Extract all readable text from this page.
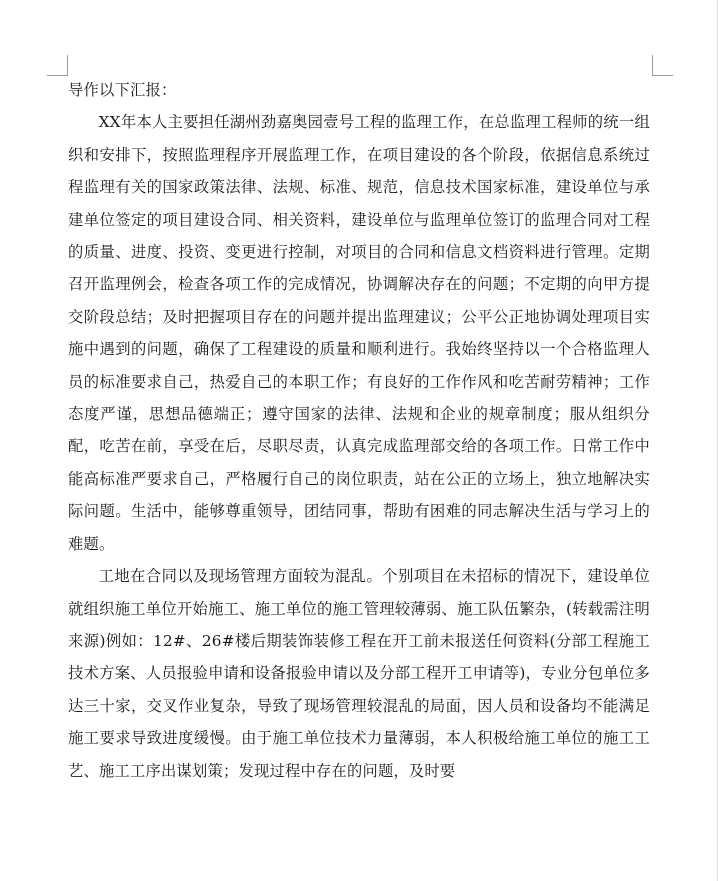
导作以下汇报：

XX年本人主要担任湖州劲嘉奥园壹号工程的监理工作，在总监理工程师的统一组织和安排下，按照监理程序开展监理工作，在项目建设的各个阶段，依据信息系统过程监理有关的国家政策法律、法规、标准、规范，信息技术国家标准，建设单位与承建单位签定的项目建设合同、相关资料，建设单位与监理单位签订的监理合同对工程的质量、进度、投资、变更进行控制，对项目的合同和信息文档资料进行管理。定期召开监理例会，检查各项工作的完成情况，协调解决存在的问题；不定期的向甲方提交阶段总结；及时把握项目存在的问题并提出监理建议；公平公正地协调处理项目实施中遇到的问题，确保了工程建设的质量和顺利进行。我始终坚持以一个合格监理人员的标准要求自己，热爱自己的本职工作；有良好的工作作风和吃苦耐劳精神；工作态度严谨，思想品德端正；遵守国家的法律、法规和企业的规章制度；服从组织分配，吃苦在前，享受在后，尽职尽责，认真完成监理部交给的各项工作。日常工作中能高标准严要求自己，严格履行自己的岗位职责，站在公正的立场上，独立地解决实际问题。生活中，能够尊重领导，团结同事，帮助有困难的同志解决生活与学习上的难题。

工地在合同以及现场管理方面较为混乱。个别项目在未招标的情况下，建设单位就组织施工单位开始施工、施工单位的施工管理较薄弱、施工队伍繁杂，(转载需注明来源)例如：12#、26#楼后期装饰装修工程在开工前未报送任何资料(分部工程施工技术方案、人员报验申请和设备报验申请以及分部工程开工申请等)，专业分包单位多达三十家，交叉作业复杂，导致了现场管理较混乱的局面，因人员和设备均不能满足施工要求导致进度缓慢。由于施工单位技术力量薄弱，本人积极给施工单位的施工工艺、施工工序出谋划策；发现过程中存在的问题，及时要
